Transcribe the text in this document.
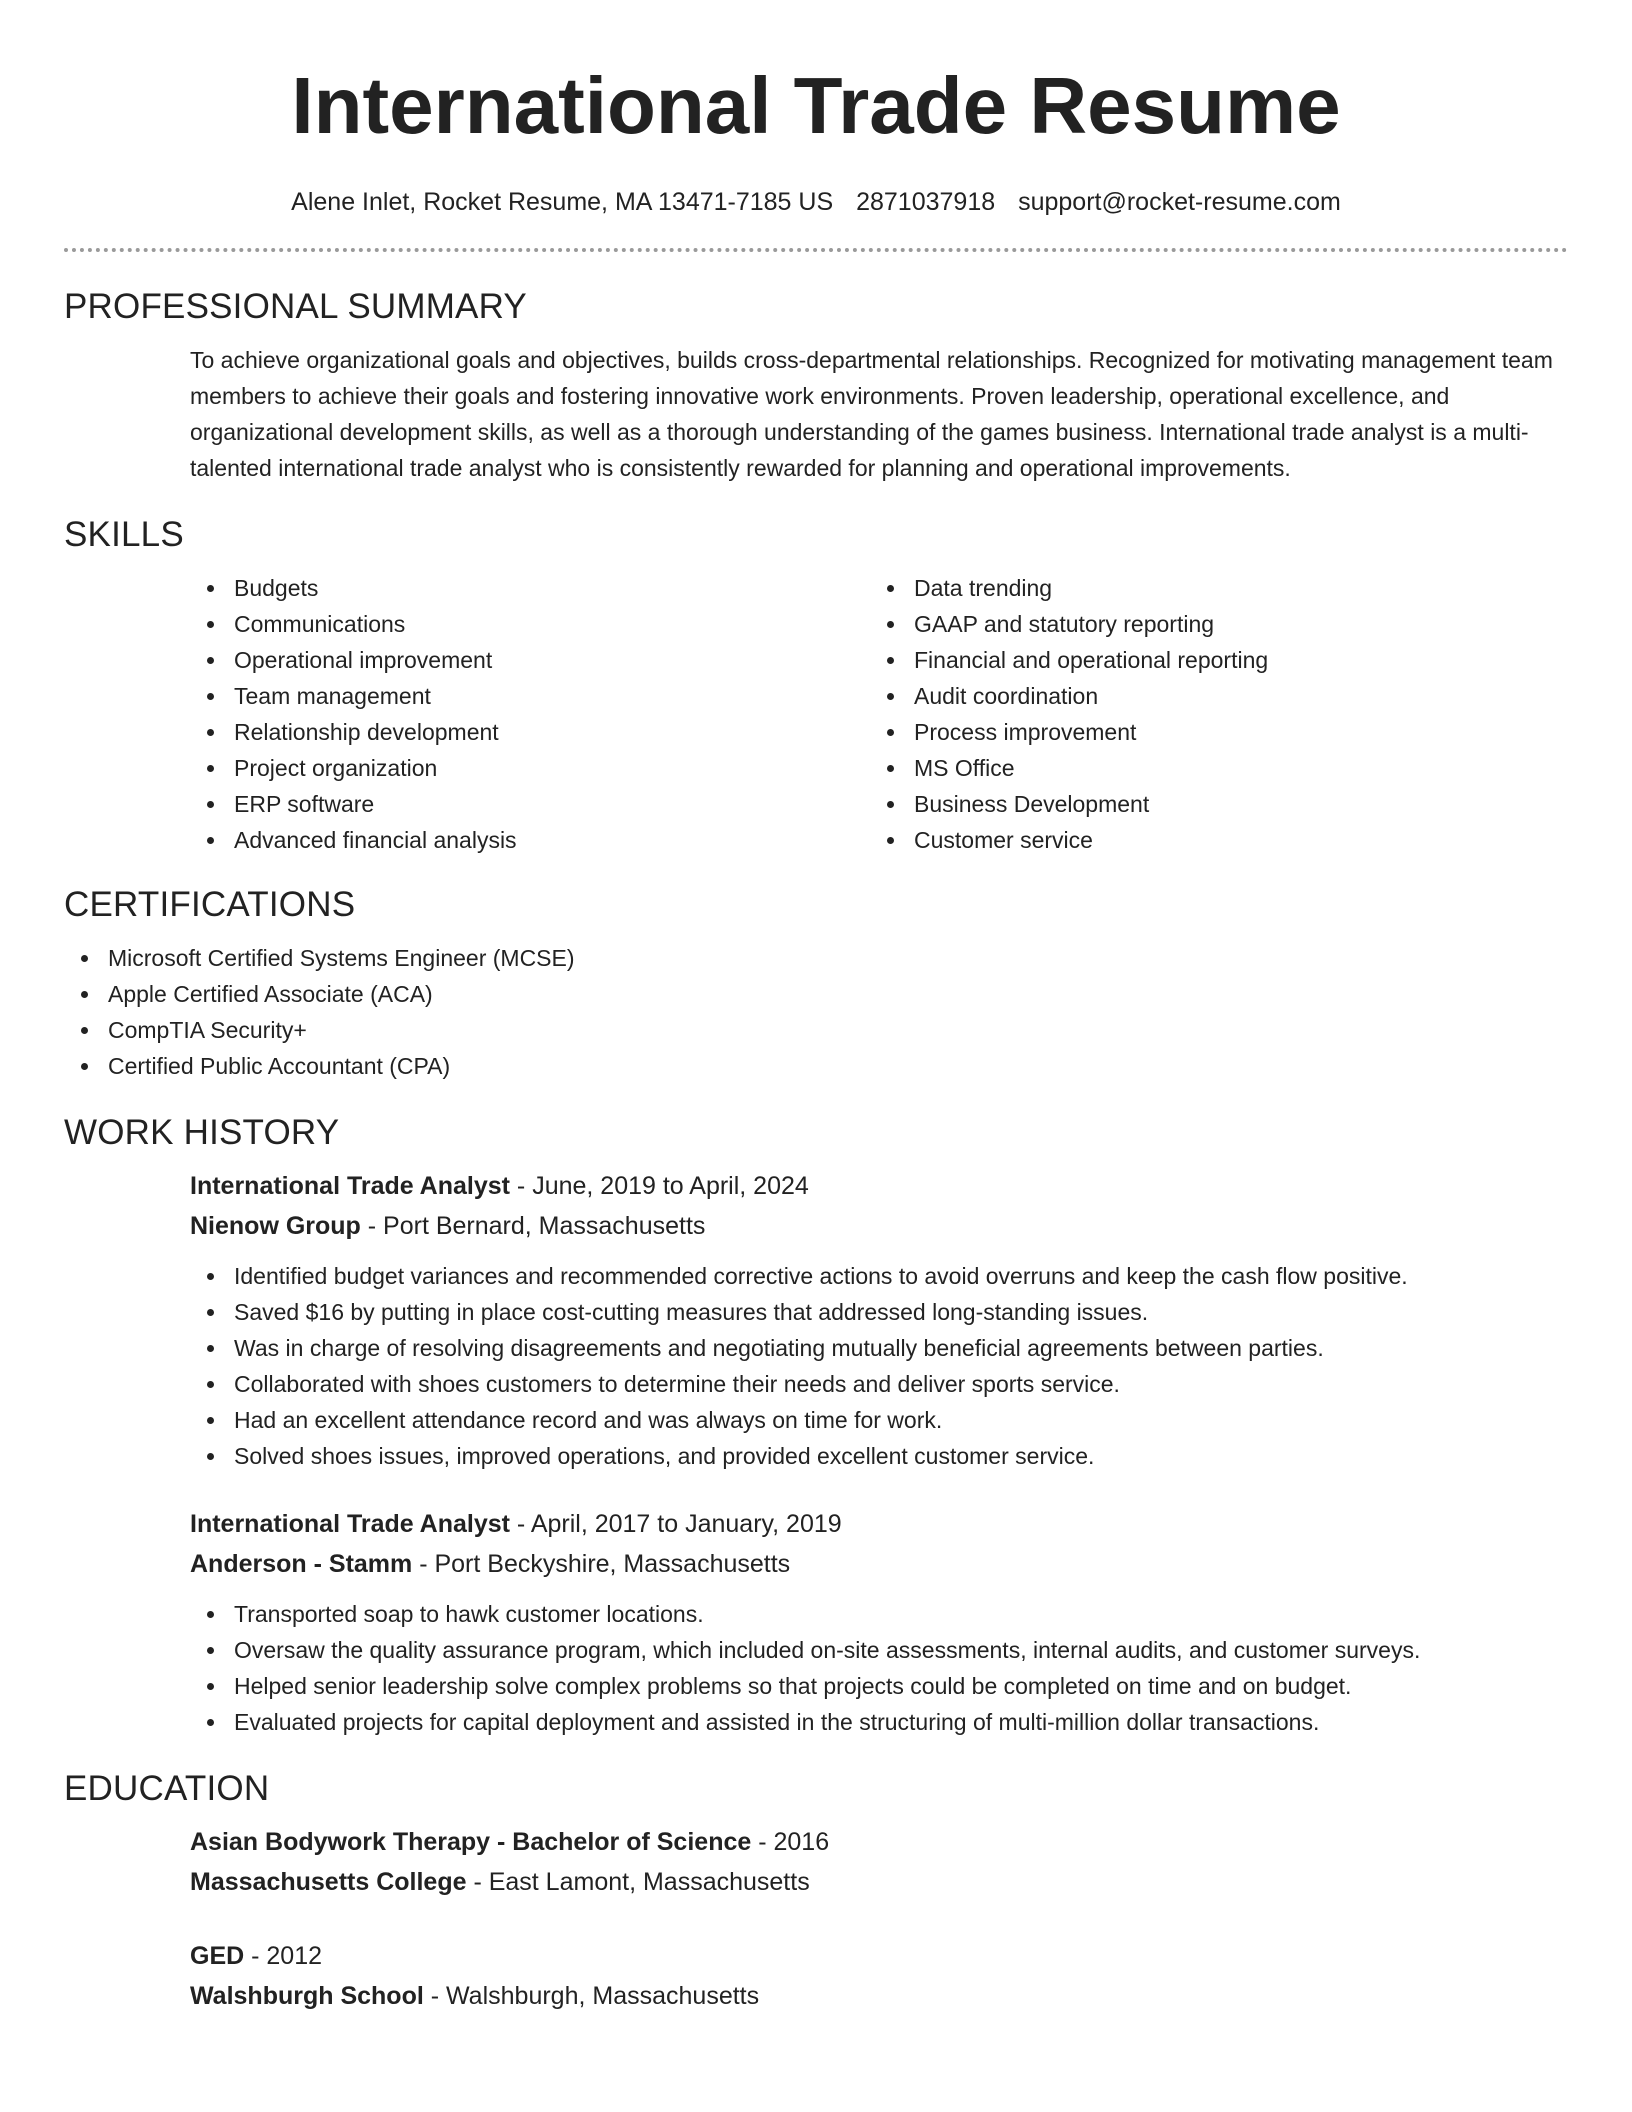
International Trade Resume
Alene Inlet, Rocket Resume, MA 13471-7185 US 2871037918 support@rocket-resume.com
PROFESSIONAL SUMMARY

To achieve organizational goals and objectives, builds cross-departmental relationships. Recognized for motivating management team members to achieve their goals and fostering innovative work environments. Proven leadership, operational excellence, and organizational development skills, as well as a thorough understanding of the games business. International trade analyst is a multi-talented international trade analyst who is consistently rewarded for planning and operational improvements.

SKILLS
Budgets
Communications
Operational improvement
Team management
Relationship development
Project organization
ERP software
Advanced financial analysis
Data trending
GAAP and statutory reporting
Financial and operational reporting
Audit coordination
Process improvement
MS Office
Business Development
Customer service
CERTIFICATIONS
Microsoft Certified Systems Engineer (MCSE)
Apple Certified Associate (ACA)
CompTIA Security+
Certified Public Accountant (CPA)
WORK HISTORY
International Trade Analyst - June, 2019 to April, 2024
Nienow Group - Port Bernard, Massachusetts
Identified budget variances and recommended corrective actions to avoid overruns and keep the cash flow positive.
Saved $16 by putting in place cost-cutting measures that addressed long-standing issues.
Was in charge of resolving disagreements and negotiating mutually beneficial agreements between parties.
Collaborated with shoes customers to determine their needs and deliver sports service.
Had an excellent attendance record and was always on time for work.
Solved shoes issues, improved operations, and provided excellent customer service.
International Trade Analyst - April, 2017 to January, 2019
Anderson - Stamm - Port Beckyshire, Massachusetts
Transported soap to hawk customer locations.
Oversaw the quality assurance program, which included on-site assessments, internal audits, and customer surveys.
Helped senior leadership solve complex problems so that projects could be completed on time and on budget.
Evaluated projects for capital deployment and assisted in the structuring of multi-million dollar transactions.
EDUCATION
Asian Bodywork Therapy - Bachelor of Science - 2016
Massachusetts College - East Lamont, Massachusetts
GED - 2012
Walshburgh School - Walshburgh, Massachusetts
